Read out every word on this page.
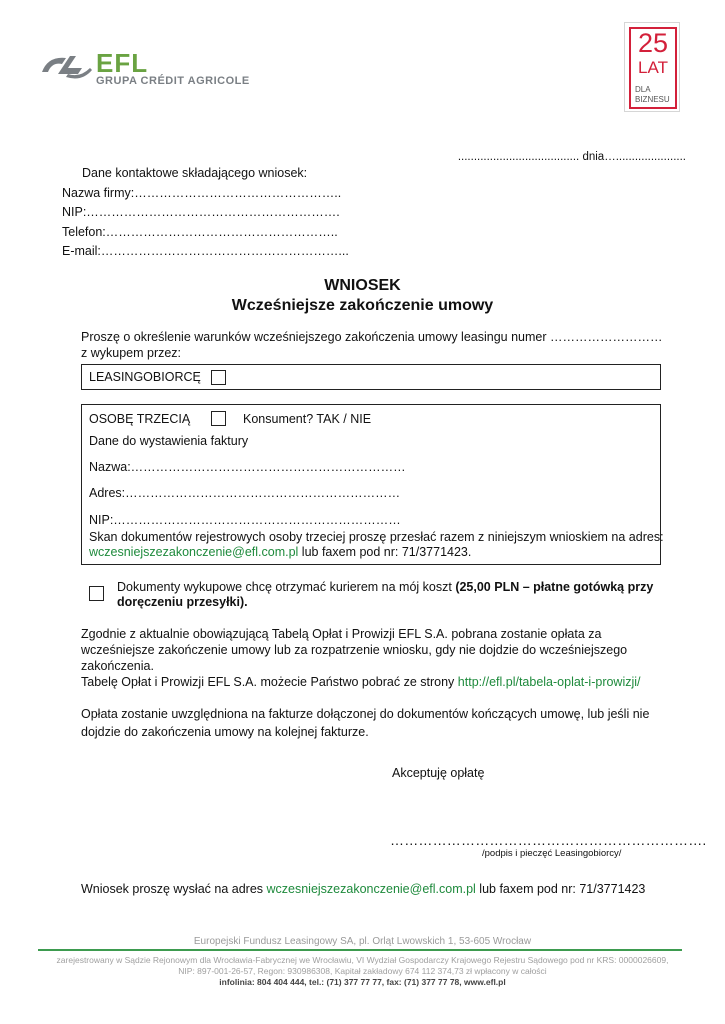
EFL
GRUPA CRÉDIT AGRICOLE
25
LAT
DLA
BIZNESU
...................................... dnia…......................
Dane kontaktowe składającego wniosek:
Nazwa firmy:…………………………………………..
NIP:…………………………………………………….
Telefon:………………………………………………..
E-mail:…………………………………………………...
WNIOSEK
Wcześniejsze zakończenie umowy
Proszę o określenie warunków wcześniejszego zakończenia umowy leasingu numer ………………………
z wykupem przez:
LEASINGOBIORCĘ
OSOBĘ TRZECIĄ	Konsument? TAK / NIE
Dane do wystawienia faktury
Nazwa:…………………………………………………………
Adres:…………………………………………………………
NIP:……………………………………………………………
Skan dokumentów rejestrowych osoby trzeciej proszę przesłać razem z niniejszym wnioskiem na adres:
wczesniejszezakonczenie@efl.com.pl lub faxem pod nr: 71/3771423.
Dokumenty wykupowe chcę otrzymać kurierem na mój koszt (25,00 PLN – płatne gotówką przy
doręczeniu przesyłki).
Zgodnie z aktualnie obowiązującą Tabelą Opłat i Prowizji EFL S.A. pobrana zostanie opłata za
wcześniejsze zakończenie umowy lub za rozpatrzenie wniosku, gdy nie dojdzie do wcześniejszego
zakończenia.
Tabelę Opłat i Prowizji EFL S.A. możecie Państwo pobrać ze strony http://efl.pl/tabela-oplat-i-prowizji/
Opłata zostanie uwzględniona na fakturze dołączonej do dokumentów kończących umowę, lub jeśli nie
dojdzie do zakończenia umowy na kolejnej fakturze.
Akceptuję opłatę
………………………………………………………….
/podpis i pieczęć Leasingobiorcy/
Wniosek proszę wysłać na adres wczesniejszezakonczenie@efl.com.pl lub faxem pod nr: 71/3771423
Europejski Fundusz Leasingowy SA, pl. Orląt Lwowskich 1, 53-605 Wrocław
zarejestrowany w Sądzie Rejonowym dla Wrocławia-Fabrycznej we Wrocławiu, VI Wydział Gospodarczy Krajowego Rejestru Sądowego pod nr KRS: 0000026609,
NIP: 897-001-26-57, Regon: 930986308, Kapitał zakładowy 674 112 374,73 zł wpłacony w całości
infolinia: 804 404 444, tel.: (71) 377 77 77, fax: (71) 377 77 78, www.efl.pl
